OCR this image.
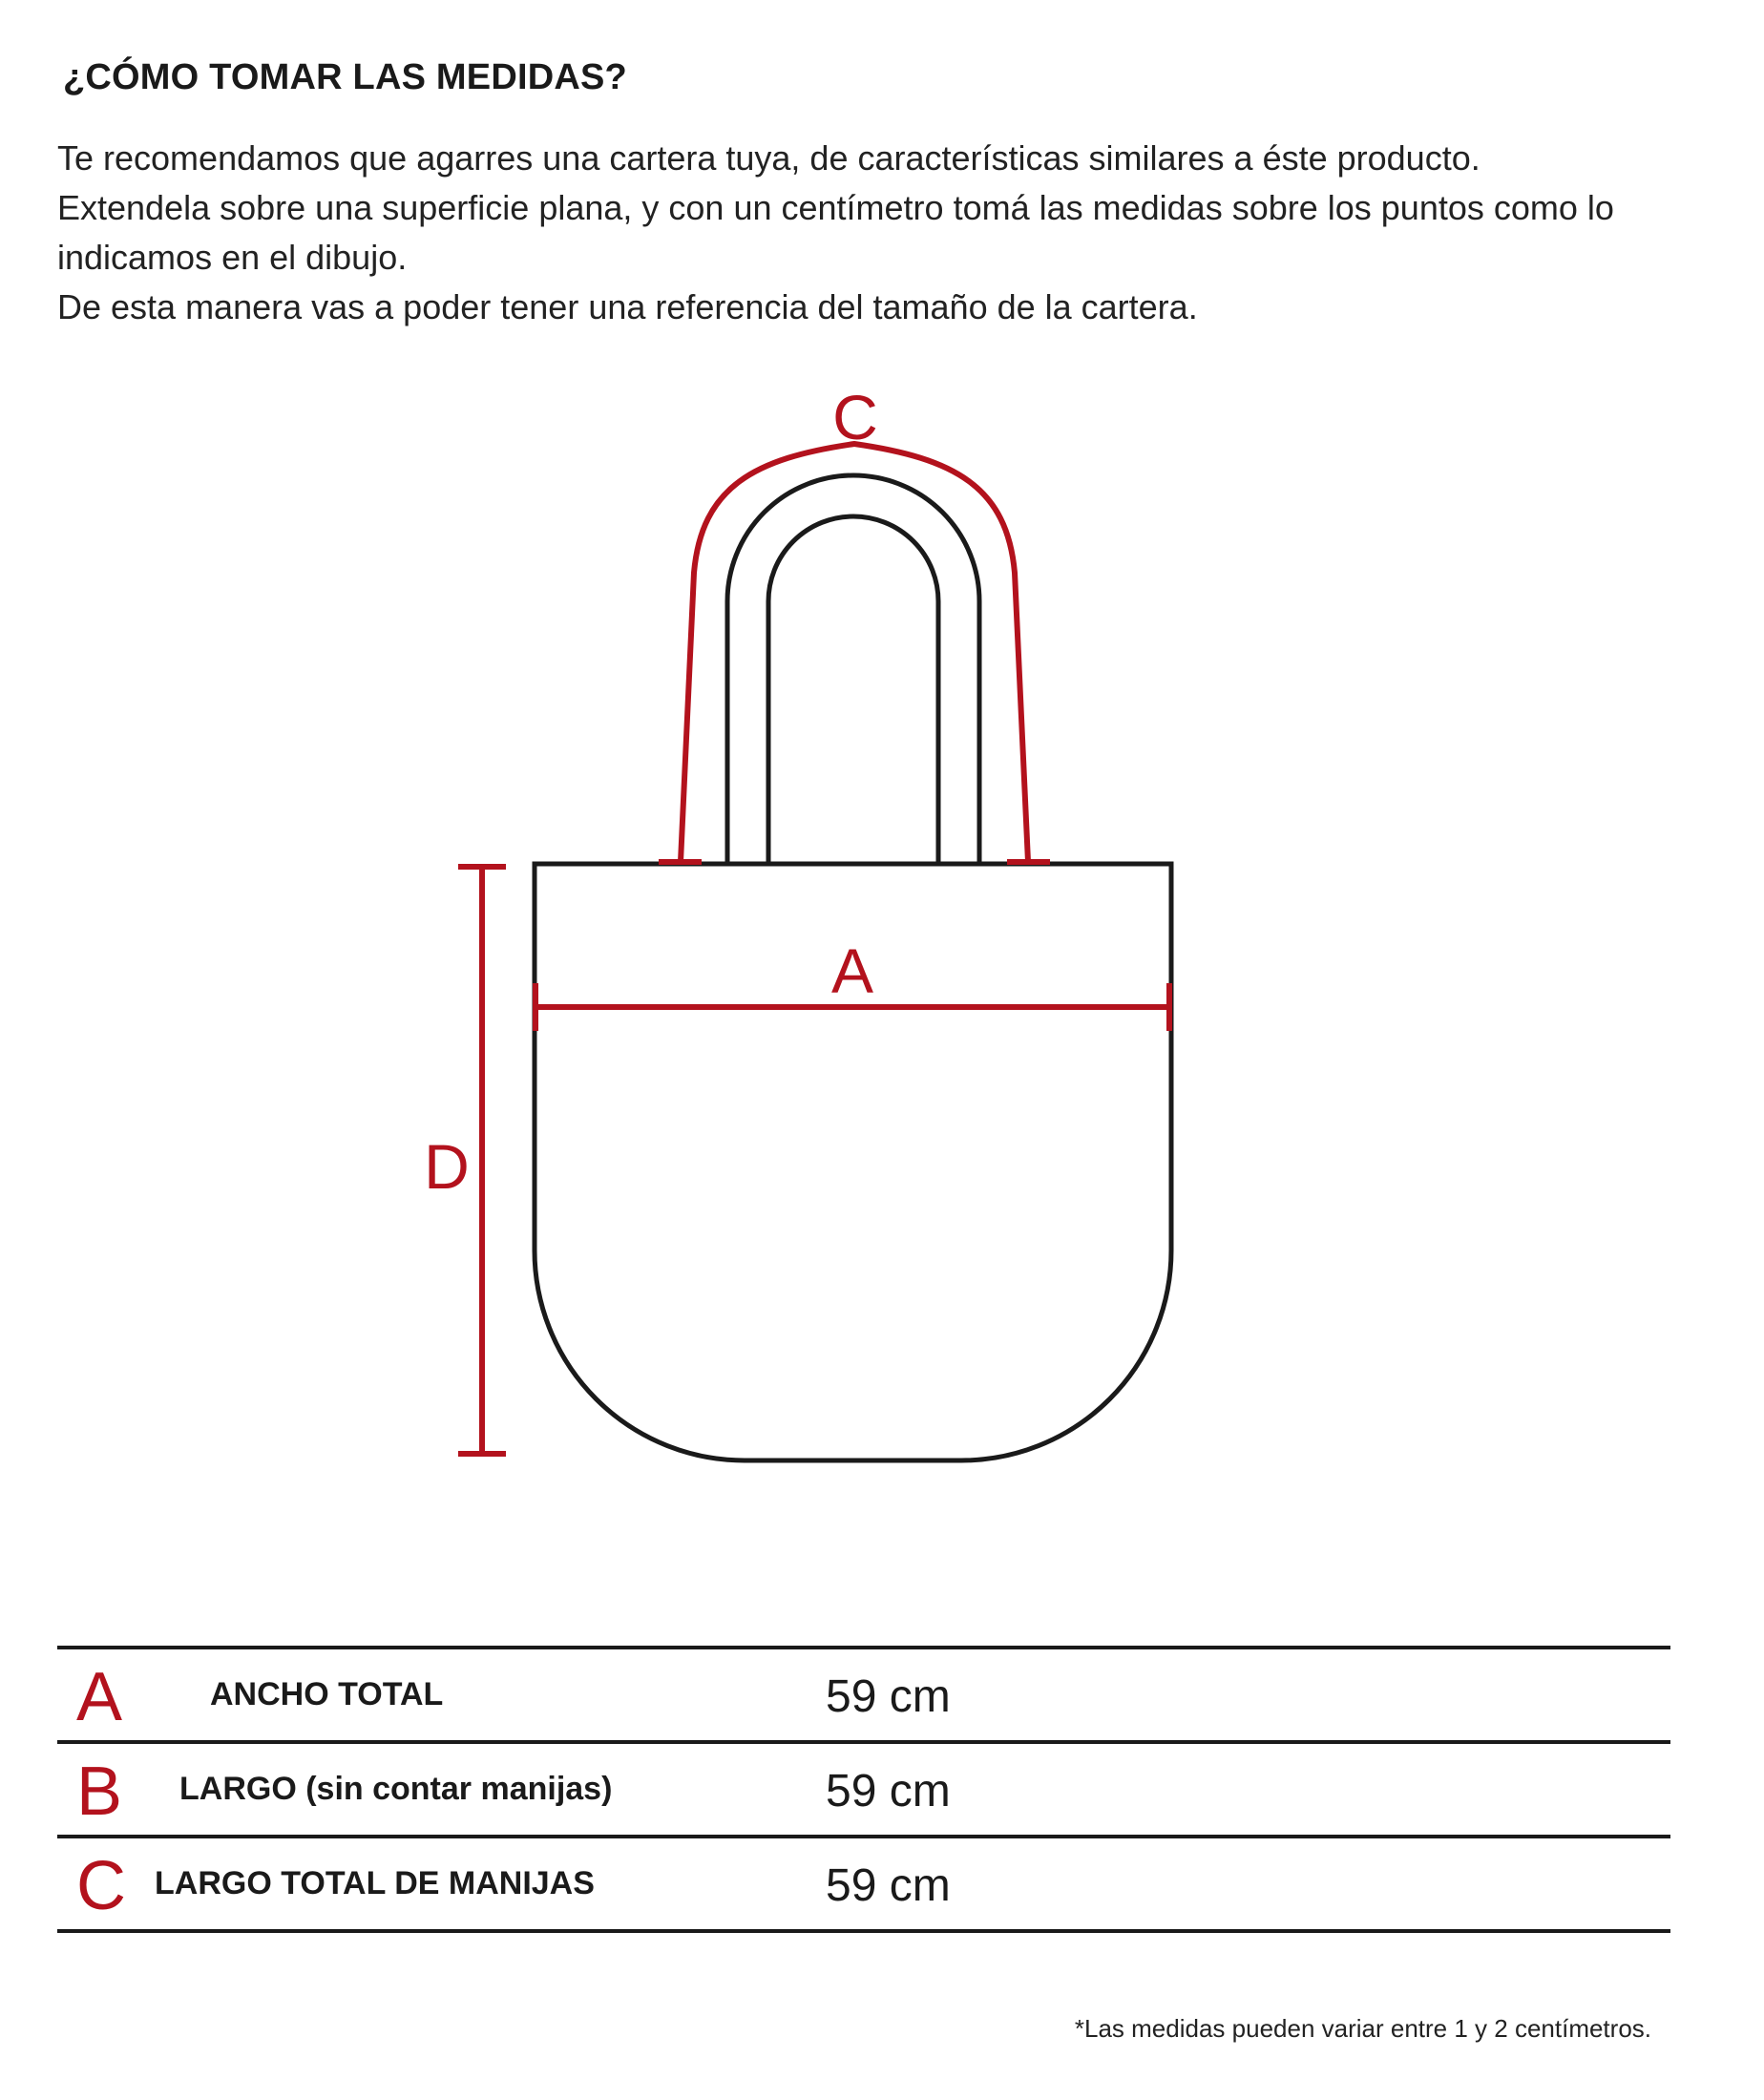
¿CÓMO TOMAR LAS MEDIDAS?

Te recomendamos que agarres una cartera tuya, de características similares a éste producto.

Extendela sobre una superficie plana, y con un centímetro tomá las medidas sobre los puntos como lo indicamos en el dibujo.

De esta manera vas a poder tener una referencia del tamaño de la cartera.

C
A
D
A	ANCHO TOTAL	59 cm
B LARGO (sin contar manijas)	59 cm
C LARGO TOTAL DE MANIJAS	59 cm
*Las medidas pueden variar entre 1 y 2 centímetros.
